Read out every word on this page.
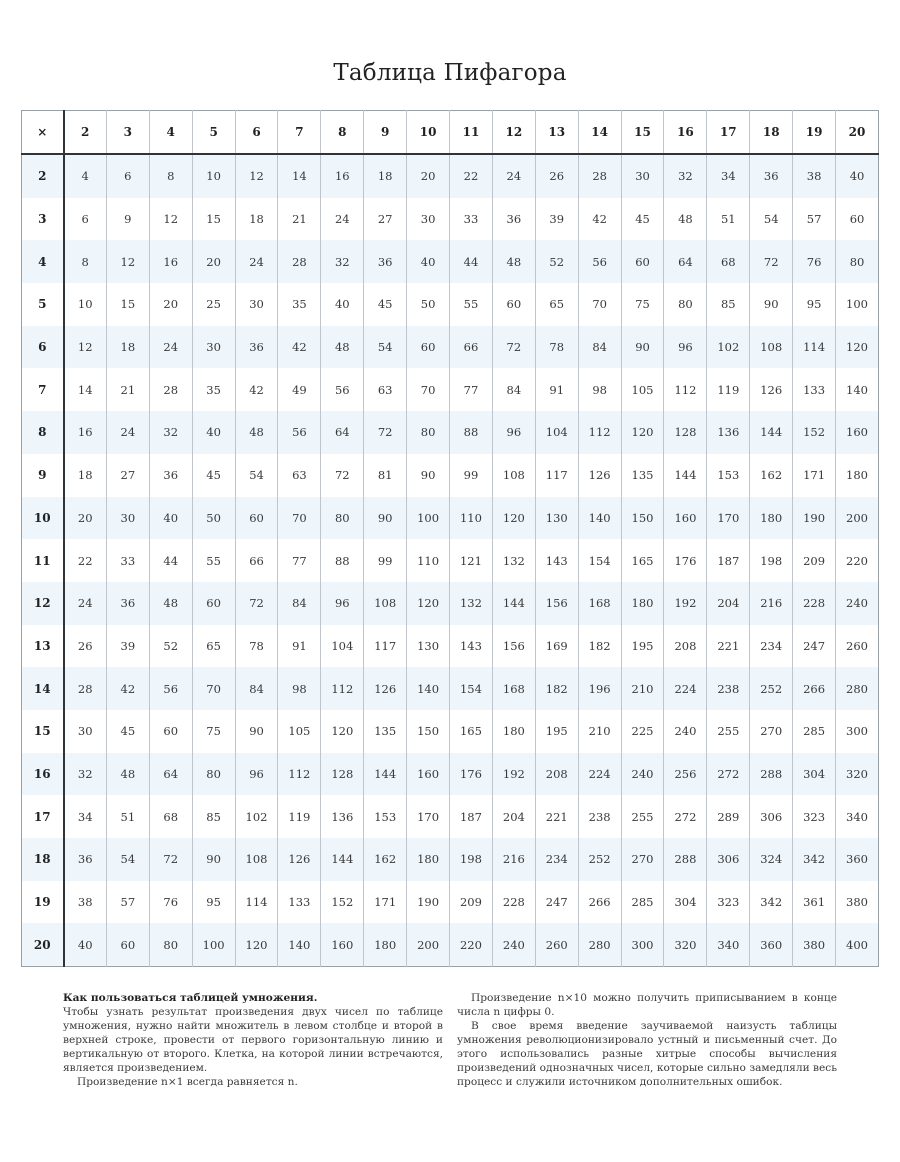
Таблица Пифагора
×	2	3	4	5	6	7	8	9	10	11	12	13	14	15	16	17	18	19	20
2	4	6	8	10	12	14	16	18	20	22	24	26	28	30	32	34	36	38	40
3	6	9	12	15	18	21	24	27	30	33	36	39	42	45	48	51	54	57	60
4	8	12	16	20	24	28	32	36	40	44	48	52	56	60	64	68	72	76	80
5	10	15	20	25	30	35	40	45	50	55	60	65	70	75	80	85	90	95	100
6	12	18	24	30	36	42	48	54	60	66	72	78	84	90	96	102	108	114	120
7	14	21	28	35	42	49	56	63	70	77	84	91	98	105	112	119	126	133	140
8	16	24	32	40	48	56	64	72	80	88	96	104	112	120	128	136	144	152	160
9	18	27	36	45	54	63	72	81	90	99	108	117	126	135	144	153	162	171	180
10	20	30	40	50	60	70	80	90	100	110	120	130	140	150	160	170	180	190	200
11	22	33	44	55	66	77	88	99	110	121	132	143	154	165	176	187	198	209	220
12	24	36	48	60	72	84	96	108	120	132	144	156	168	180	192	204	216	228	240
13	26	39	52	65	78	91	104	117	130	143	156	169	182	195	208	221	234	247	260
14	28	42	56	70	84	98	112	126	140	154	168	182	196	210	224	238	252	266	280
15	30	45	60	75	90	105	120	135	150	165	180	195	210	225	240	255	270	285	300
16	32	48	64	80	96	112	128	144	160	176	192	208	224	240	256	272	288	304	320
17	34	51	68	85	102	119	136	153	170	187	204	221	238	255	272	289	306	323	340
18	36	54	72	90	108	126	144	162	180	198	216	234	252	270	288	306	324	342	360
19	38	57	76	95	114	133	152	171	190	209	228	247	266	285	304	323	342	361	380
20	40	60	80	100	120	140	160	180	200	220	240	260	280	300	320	340	360	380	400

Как пользоваться таблицей умножения.

Чтобы узнать результат произведения двух чисел по таблице умножения, нужно найти множитель в левом столбце и второй в верхней строке, провести от первого горизонтальную линию и вертикальную от второго. Клетка, на которой линии встречаются, является произведением.

Произведение n×1 всегда равняется n.

Произведение n×10 можно получить приписыванием в конце числа n цифры 0.

В свое время введение заучиваемой наизусть таблицы умножения революционизировало устный и письменный счет. До этого использовались разные хитрые способы вычисления произведений однозначных чисел, которые сильно замедляли весь процесс и служили источником дополнительных ошибок.
